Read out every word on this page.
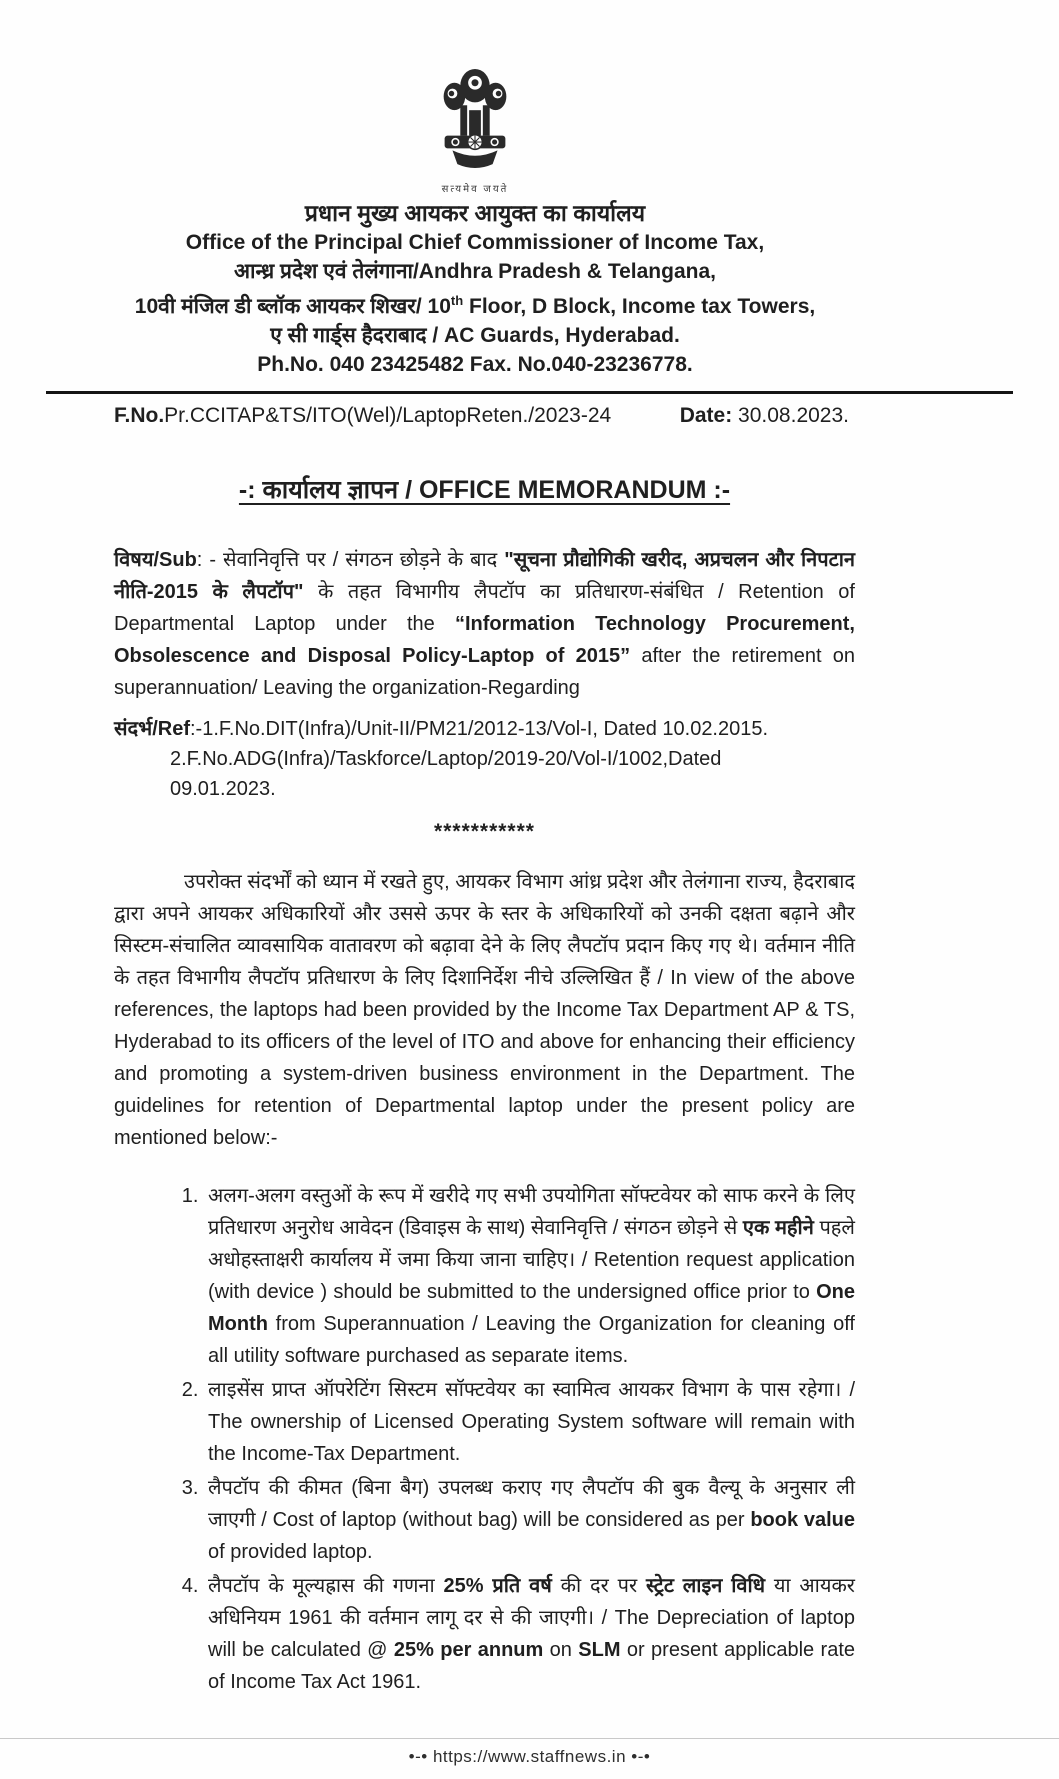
सत्यमेव जयते
प्रधान मुख्य आयकर आयुक्त का कार्यालय
Office of the Principal Chief Commissioner of Income Tax,
आन्ध्र प्रदेश एवं तेलंगाना/Andhra Pradesh & Telangana,
10वी मंजिल डी ब्लॉक आयकर शिखर/ 10th Floor, D Block, Income tax Towers,
ए सी गार्ड्स हैदराबाद / AC Guards, Hyderabad.
Ph.No. 040 23425482 Fax. No.040-23236778.
F.No.Pr.CCITAP&TS/ITO(Wel)/LaptopReten./2023-24	Date: 30.08.2023.
-: कार्यालय ज्ञापन / OFFICE MEMORANDUM :-

विषय/Sub: - सेवानिवृत्ति पर / संगठन छोड़ने के बाद "सूचना प्रौद्योगिकी खरीद, अप्रचलन और निपटान नीति-2015 के लैपटॉप" के तहत विभागीय लैपटॉप का प्रतिधारण-संबंधित / Retention of Departmental Laptop under the “Information Technology Procurement, Obsolescence and Disposal Policy-Laptop of 2015” after the retirement on superannuation/ Leaving the organization-Regarding

संदर्भ/Ref:-1.F.No.DIT(Infra)/Unit-II/PM21/2012-13/Vol-I, Dated 10.02.2015.

2.F.No.ADG(Infra)/Taskforce/Laptop/2019-20/Vol-I/1002,Dated

09.01.2023.

***********

उपरोक्त संदर्भों को ध्यान में रखते हुए, आयकर विभाग आंध्र प्रदेश और तेलंगाना राज्य, हैदराबाद द्वारा अपने आयकर अधिकारियों और उससे ऊपर के स्तर के अधिकारियों को उनकी दक्षता बढ़ाने और सिस्टम-संचालित व्यावसायिक वातावरण को बढ़ावा देने के लिए लैपटॉप प्रदान किए गए थे। वर्तमान नीति के तहत विभागीय लैपटॉप प्रतिधारण के लिए दिशानिर्देश नीचे उल्लिखित हैं / In view of the above references, the laptops had been provided by the Income Tax Department AP & TS, Hyderabad to its officers of the level of ITO and above for enhancing their efficiency and promoting a system-driven business environment in the Department. The guidelines for retention of Departmental laptop under the present policy are mentioned below:-

1. अलग-अलग वस्तुओं के रूप में खरीदे गए सभी उपयोगिता सॉफ्टवेयर को साफ करने के लिए प्रतिधारण अनुरोध आवेदन (डिवाइस के साथ) सेवानिवृत्ति / संगठन छोड़ने से एक महीने पहले अधोहस्ताक्षरी कार्यालय में जमा किया जाना चाहिए। / Retention request application (with device ) should be submitted to the undersigned office prior to One Month from Superannuation / Leaving the Organization for cleaning off all utility software purchased as separate items.
2. लाइसेंस प्राप्त ऑपरेटिंग सिस्टम सॉफ्टवेयर का स्वामित्व आयकर विभाग के पास रहेगा। / The ownership of Licensed Operating System software will remain with the Income-Tax Department.
3. लैपटॉप की कीमत (बिना बैग) उपलब्ध कराए गए लैपटॉप की बुक वैल्यू के अनुसार ली जाएगी / Cost of laptop (without bag) will be considered as per book value of provided laptop.
4. लैपटॉप के मूल्यह्रास की गणना 25% प्रति वर्ष की दर पर स्ट्रेट लाइन विधि या आयकर अधिनियम 1961 की वर्तमान लागू दर से की जाएगी। / The Depreciation of laptop will be calculated @ 25% per annum on SLM or present applicable rate of Income Tax Act 1961.
•-• https://www.staffnews.in •-•
